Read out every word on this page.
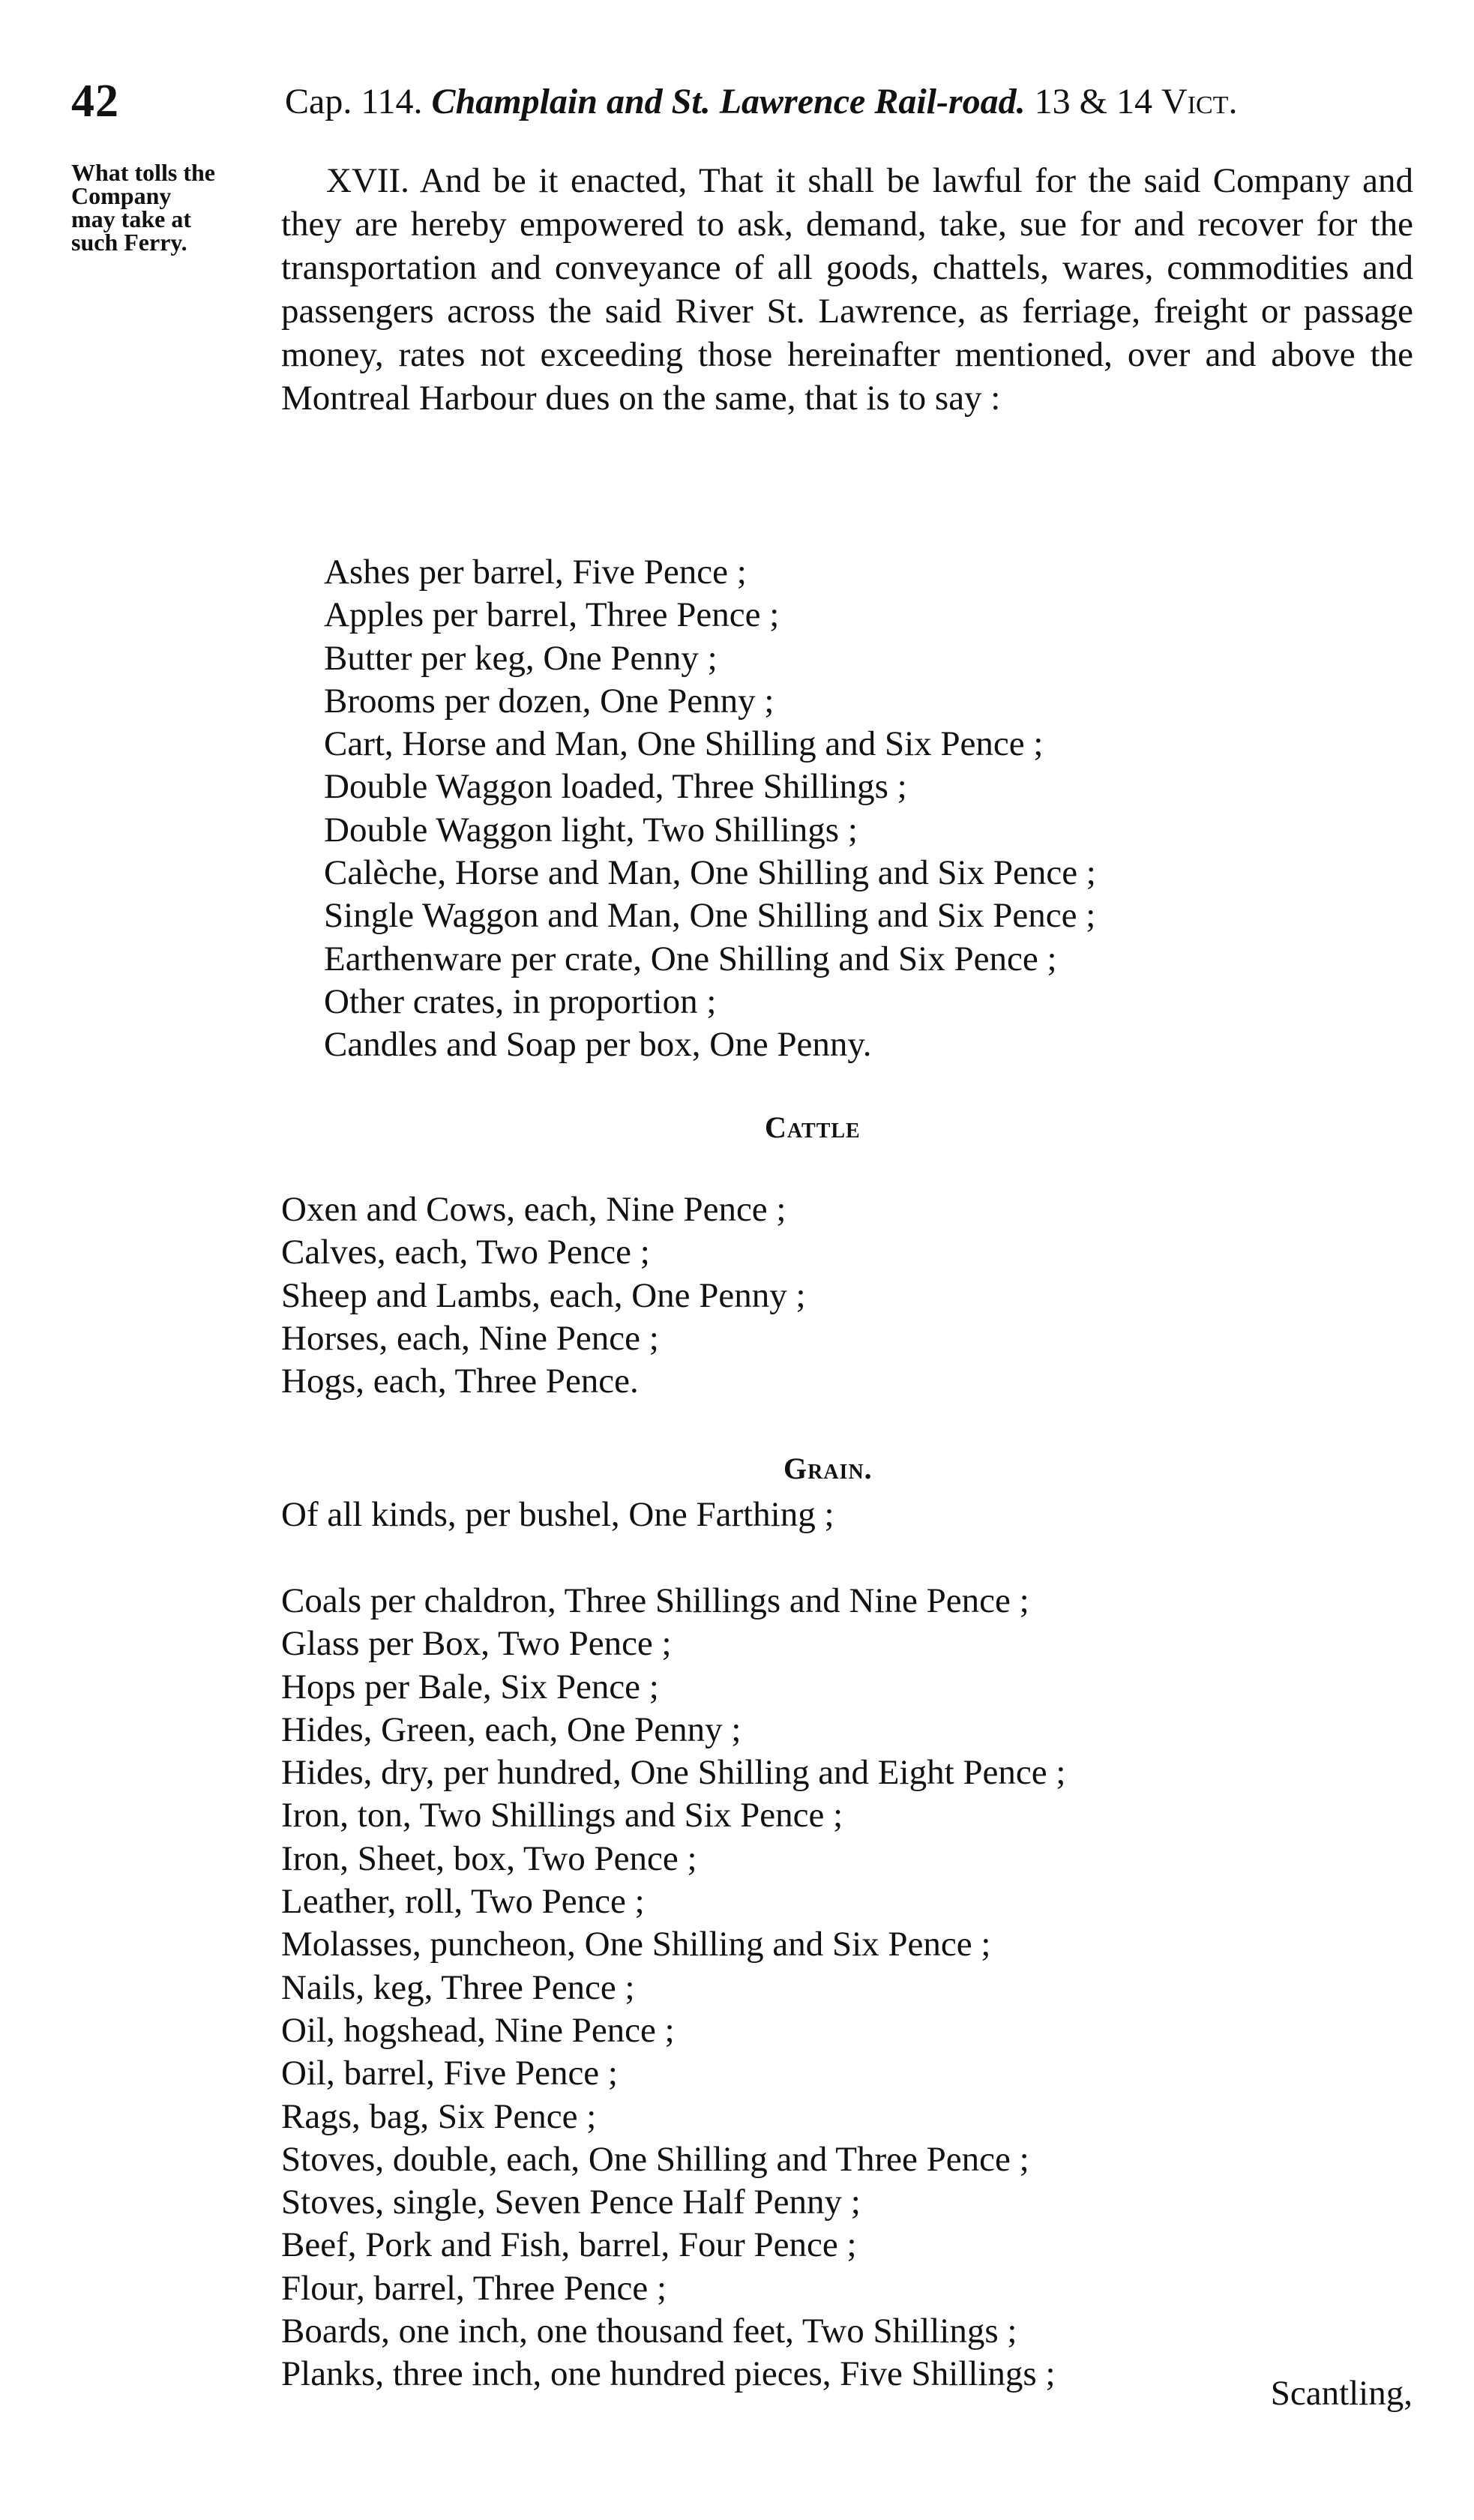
42	Cap. 114. Champlain and St. Lawrence Rail-road. 13 & 14 Vict.
What tolls the
Company
may take at
such Ferry.
XVII. And be it enacted, That it shall be lawful for the said Company and they are hereby empowered to ask, demand, take, sue for and recover for the transportation and conveyance of all goods, chattels, wares, commodities and passengers across the said River St. Lawrence, as ferriage, freight or passage money, rates not exceeding those hereinafter mentioned, over and above the Montreal Harbour dues on the same, that is to say :
Ashes per barrel, Five Pence ;
Apples per barrel, Three Pence ;
Butter per keg, One Penny ;
Brooms per dozen, One Penny ;
Cart, Horse and Man, One Shilling and Six Pence ;
Double Waggon loaded, Three Shillings ;
Double Waggon light, Two Shillings ;
Calèche, Horse and Man, One Shilling and Six Pence ;
Single Waggon and Man, One Shilling and Six Pence ;
Earthenware per crate, One Shilling and Six Pence ;
Other crates, in proportion ;
Candles and Soap per box, One Penny.
Cattle
Oxen and Cows, each, Nine Pence ;
Calves, each, Two Pence ;
Sheep and Lambs, each, One Penny ;
Horses, each, Nine Pence ;
Hogs, each, Three Pence.
Grain.
Of all kinds, per bushel, One Farthing ;
Coals per chaldron, Three Shillings and Nine Pence ;
Glass per Box, Two Pence ;
Hops per Bale, Six Pence ;
Hides, Green, each, One Penny ;
Hides, dry, per hundred, One Shilling and Eight Pence ;
Iron, ton, Two Shillings and Six Pence ;
Iron, Sheet, box, Two Pence ;
Leather, roll, Two Pence ;
Molasses, puncheon, One Shilling and Six Pence ;
Nails, keg, Three Pence ;
Oil, hogshead, Nine Pence ;
Oil, barrel, Five Pence ;
Rags, bag, Six Pence ;
Stoves, double, each, One Shilling and Three Pence ;
Stoves, single, Seven Pence Half Penny ;
Beef, Pork and Fish, barrel, Four Pence ;
Flour, barrel, Three Pence ;
Boards, one inch, one thousand feet, Two Shillings ;
Planks, three inch, one hundred pieces, Five Shillings ;	Scantling,
